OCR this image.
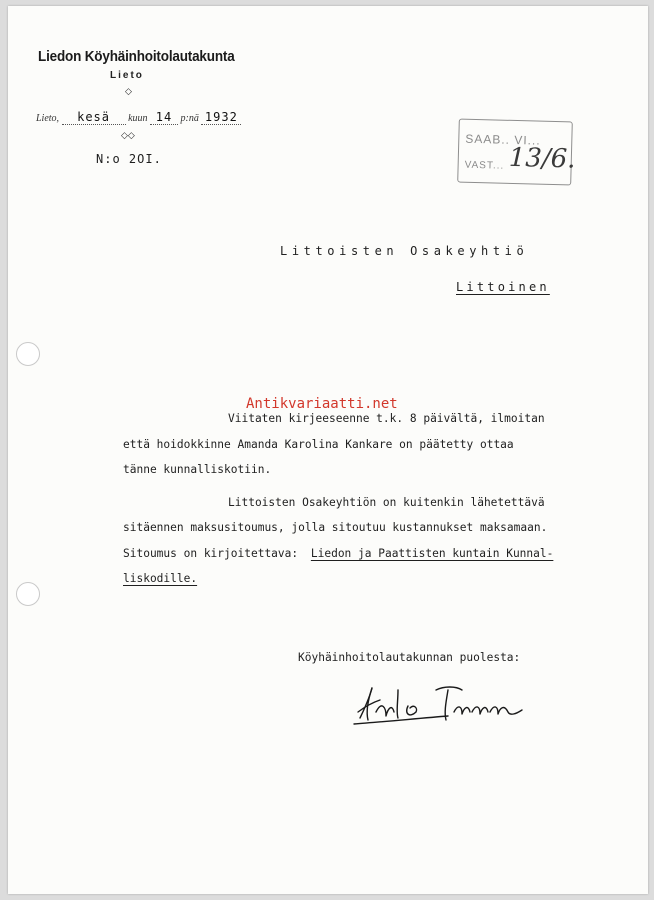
Liedon Köyhäinhoitolautakunta
Lieto
◇
Lieto, kesä kuun 14 p:nä 1932
◇◇
N:o 2OI.
SAAB.. VI...
VAST... 13/6.
Littoisten Osakeyhtiö
Littoinen
Antikvariaatti.net
Viitaten kirjeeseenne t.k. 8 päivältä, ilmoitan
että hoidokkinne Amanda Karolina Kankare on päätetty ottaa
tänne kunnalliskotiin.
Littoisten Osakeyhtiön on kuitenkin lähetettävä
sitäennen maksusitoumus, jolla sitoutuu kustannukset maksamaan.
Sitoumus on kirjoitettava: Liedon ja Paattisten kuntain Kunnal-
liskodille.
Köyhäinhoitolautakunnan puolesta:
